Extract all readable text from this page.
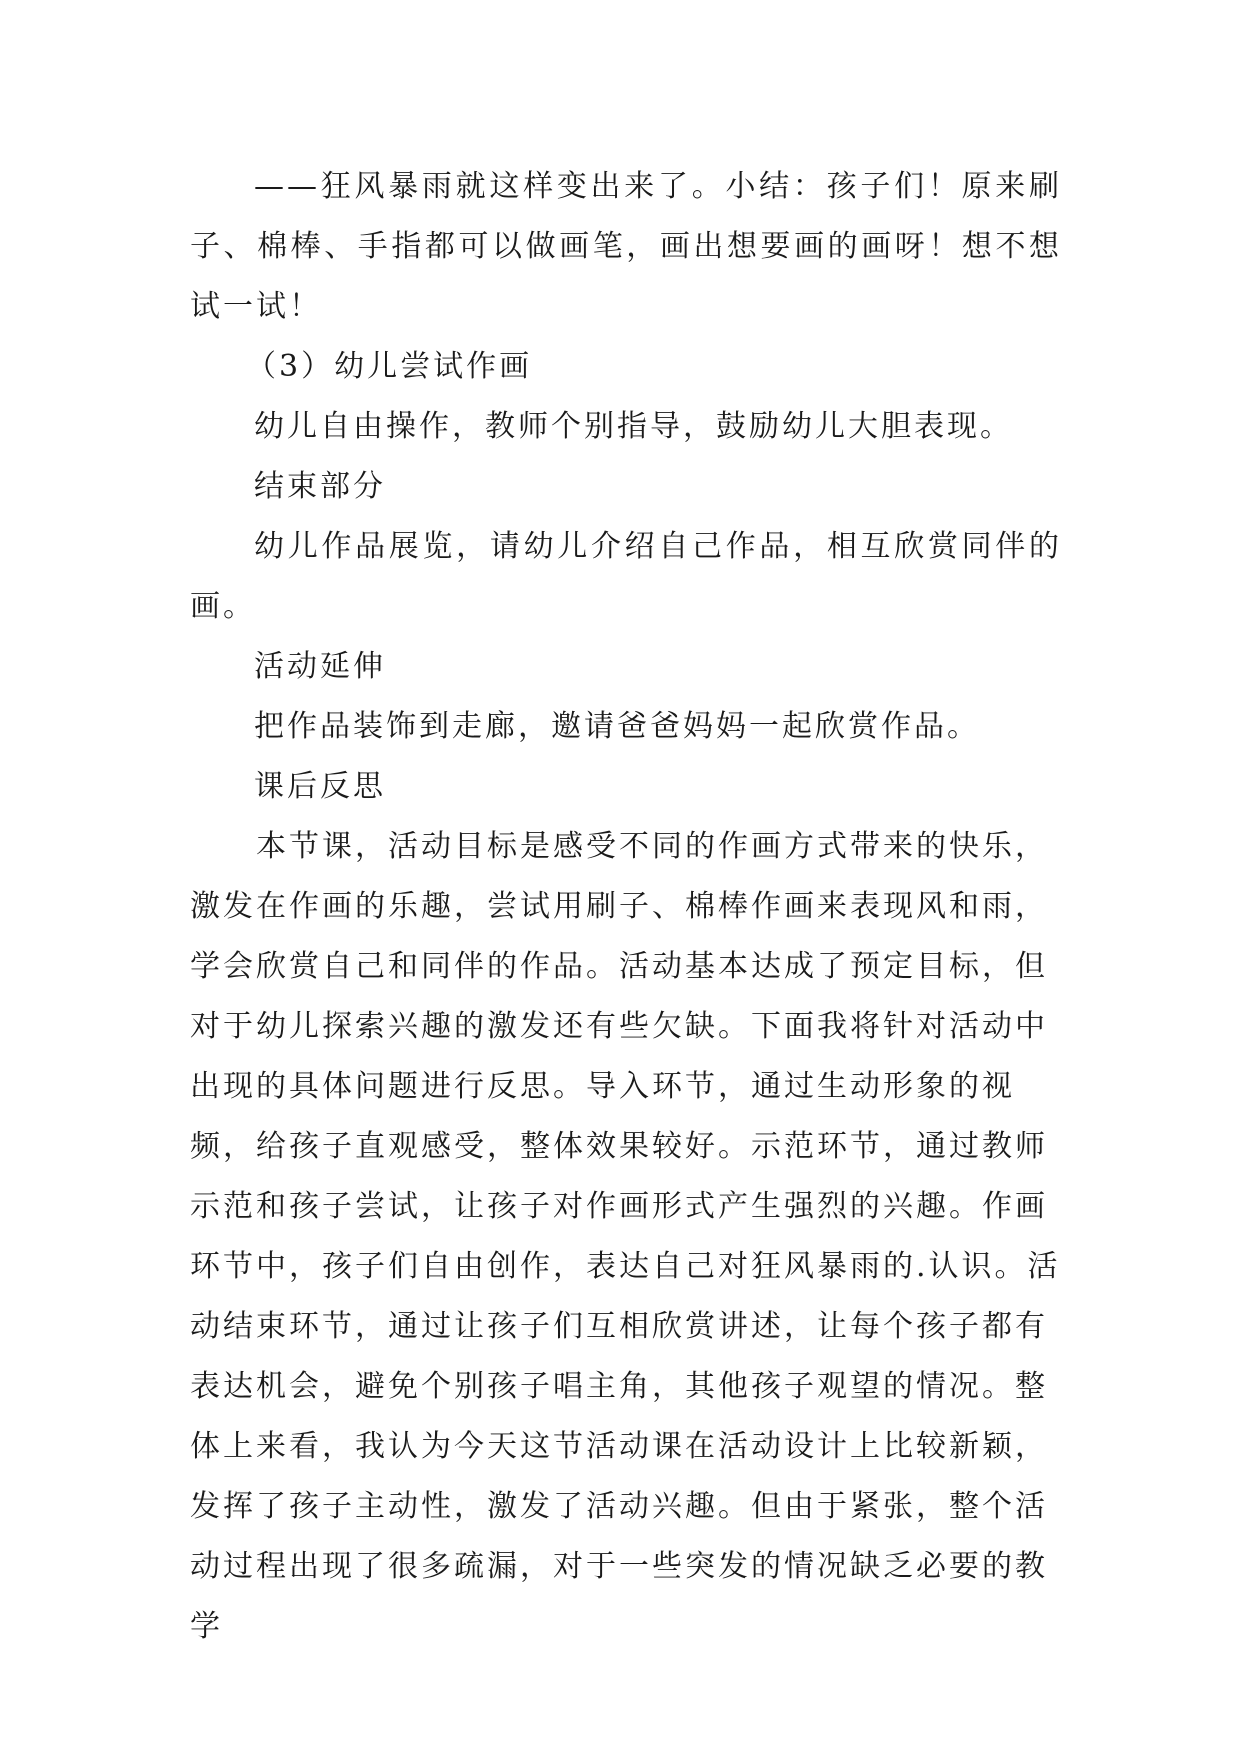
——狂风暴雨就这样变出来了。小结：孩子们！原来刷子、棉棒、手指都可以做画笔，画出想要画的画呀！想不想试一试！

（3）幼儿尝试作画

幼儿自由操作，教师个别指导，鼓励幼儿大胆表现。

结束部分

幼儿作品展览，请幼儿介绍自己作品，相互欣赏同伴的画。

活动延伸

把作品装饰到走廊，邀请爸爸妈妈一起欣赏作品。

课后反思

本节课，活动目标是感受不同的作画方式带来的快乐，激发在作画的乐趣，尝试用刷子、棉棒作画来表现风和雨，学会欣赏自己和同伴的作品。活动基本达成了预定目标，但对于幼儿探索兴趣的激发还有些欠缺。下面我将针对活动中出现的具体问题进行反思。导入环节，通过生动形象的视频，给孩子直观感受，整体效果较好。示范环节，通过教师示范和孩子尝试，让孩子对作画形式产生强烈的兴趣。作画环节中，孩子们自由创作，表达自己对狂风暴雨的.认识。活动结束环节，通过让孩子们互相欣赏讲述，让每个孩子都有表达机会，避免个别孩子唱主角，其他孩子观望的情况。整体上来看，我认为今天这节活动课在活动设计上比较新颖，发挥了孩子主动性，激发了活动兴趣。但由于紧张，整个活动过程出现了很多疏漏，对于一些突发的情况缺乏必要的教学
